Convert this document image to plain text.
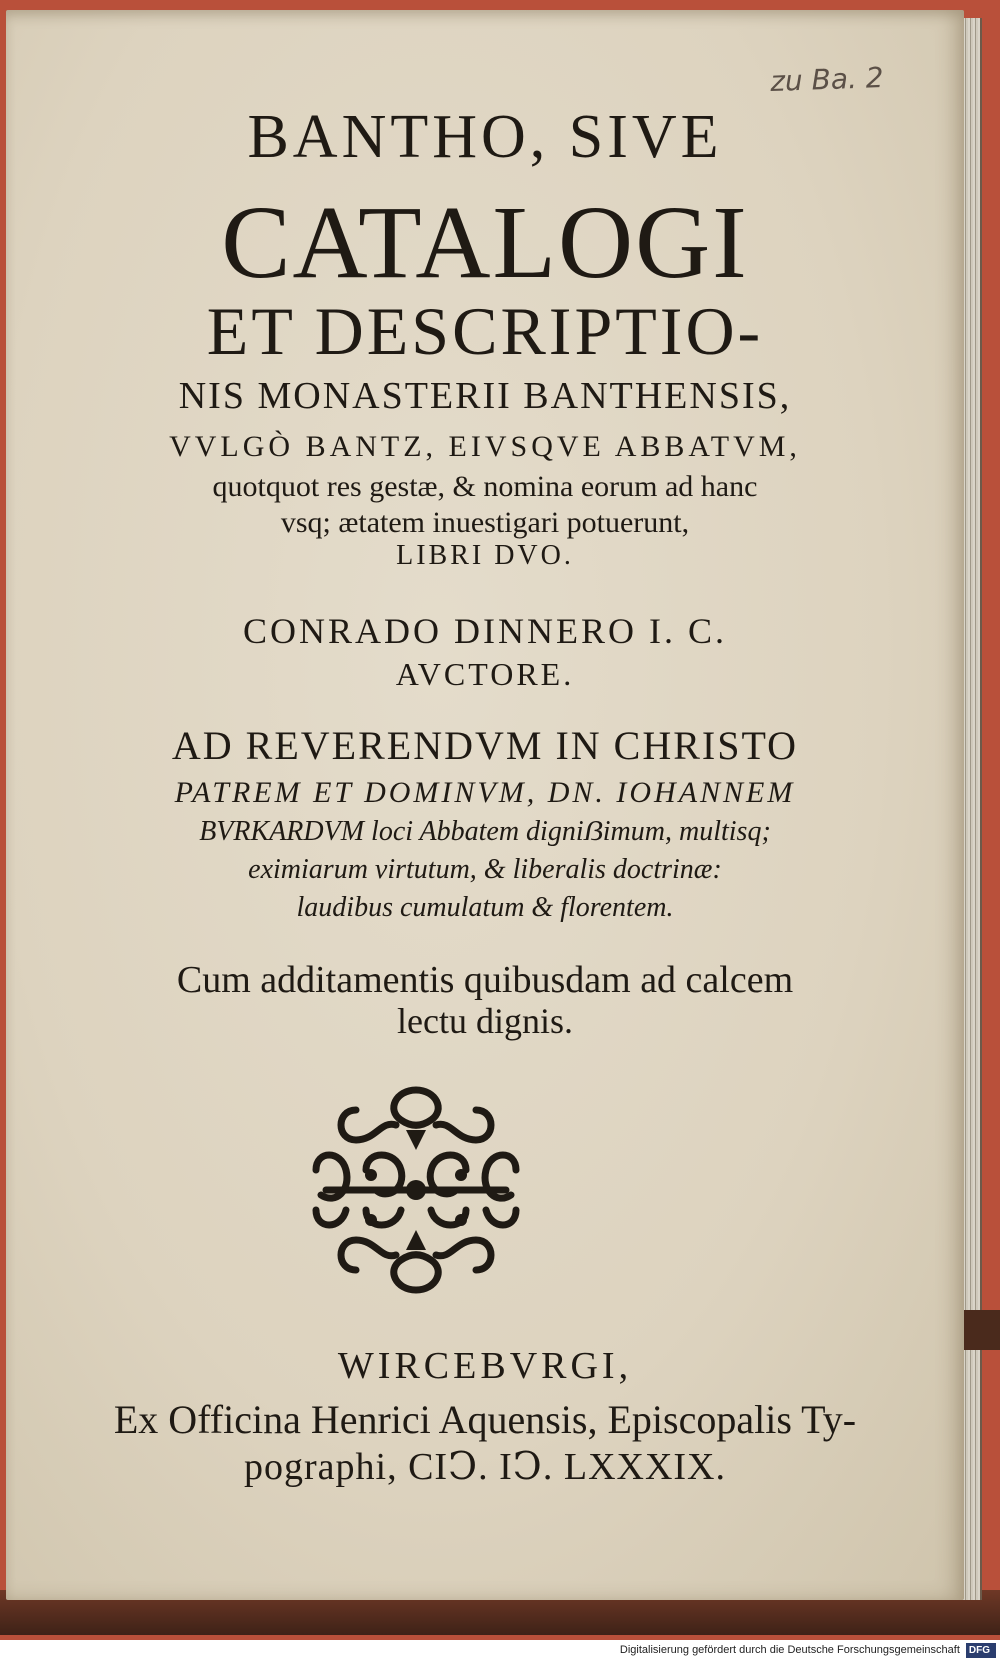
zu Ba. 2

BANTHO, SIVE

CATALOGI

ET DESCRIPTIO-

NIS MONASTERII BANTHENSIS,

VVLGÒ BANTZ, EIVSQVE ABBATVM,

quotquot res gestæ, & nomina eorum ad hanc

vsq; ætatem inuestigari potuerunt,

LIBRI DVO.

CONRADO DINNERO I. C.

AVCTORE.

AD REVERENDVM IN CHRISTO

PATREM ET DOMINVM, DN. IOHANNEM

BVRKARDVM loci Abbatem digniẞimum, multisq;

eximiarum virtutum, & liberalis doctrinæ:

laudibus cumulatum & florentem.

Cum additamentis quibusdam ad calcem

lectu dignis.

WIRCEBVRGI,

Ex Officina Henrici Aquensis, Episcopalis Ty-

pographi, CIↃ. IↃ. LXXXIX.

Digitalisierung gefördert durch die Deutsche Forschungsgemeinschaft DFG
